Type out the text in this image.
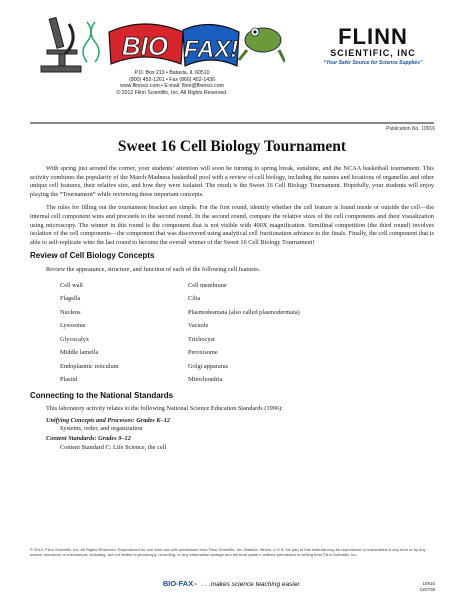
BIO FAX!
P.O. Box 219 • Batavia, IL 60510
(800) 452-1261 • Fax (866) 452-1436
www.flinnsci.com • E-mail: flinn@flinnsci.com
© 2012 Flinn Scientific, Inc. All Rights Reserved.
FLINN
SCIENTIFIC, INC
“Your Safer Source for Science Supplies”
Publication No. 10916
Sweet 16 Cell Biology Tournament

With spring just around the corner, your students’ attention will soon be turning to spring break, sunshine, and the NCAA basketball tournament. This activity combines the popularity of the March Madness basketball pool with a review of cell biology, including the names and locations of organelles and other unique cell features, their relative size, and how they were isolated. The result is the Sweet 16 Cell Biology Tournament. Hopefully, your students will enjoy playing the “Tournament” while reviewing these important concepts.

The rules for filling out the tournament bracket are simple. For the first round, identify whether the cell feature is found inside or outside the cell—the internal cell component wins and proceeds to the second round. In the second round, compare the relative sizes of the cell components and their visualization using microscopy. The winner in this round is the component that is not visible with 400X magnification. Semifinal competition (the third round) involves isolation of the cell components—the component that was discovered using analytical cell fractionation advance to the finals. Finally, the cell component that is able to self-replicate wins the last round to become the overall winner of the Sweet 16 Cell Biology Tournament!

Review of Cell Biology Concepts
Review the appearance, structure, and function of each of the following cell features.
Cell wall	Cell membrane
Flagella	Cilia
Nucleus	Plasmodesmata (also called plasmodermata)
Lysosome	Vacuole
Glycocalyx	Trichocyst
Middle lamella	Peroxisome
Endoplasmic reticulum	Golgi apparatus
Plastid	Mitochondria
Connecting to the National Standards
This laboratory activity relates to the following National Science Education Standards (1996):
Unifying Concepts and Processes: Grades K–12
Systems, order, and organization
Content Standards: Grades 9–12
Content Standard C: Life Science, the cell
© 2012, Flinn Scientific, Inc. All Rights Reserved. Reproduced for one-time use with permission from Flinn Scientific, Inc. Batavia, Illinois, U.S.A. No part of this material may be reproduced or transmitted in any form or by any means, electronic or mechanical, including, but not limited to photocopy, recording, or any information storage and retrieval system, without permission in writing from Flinn Scientific, Inc.
BIO-FAX™ . . .makes science teaching easier.	10916
020708
